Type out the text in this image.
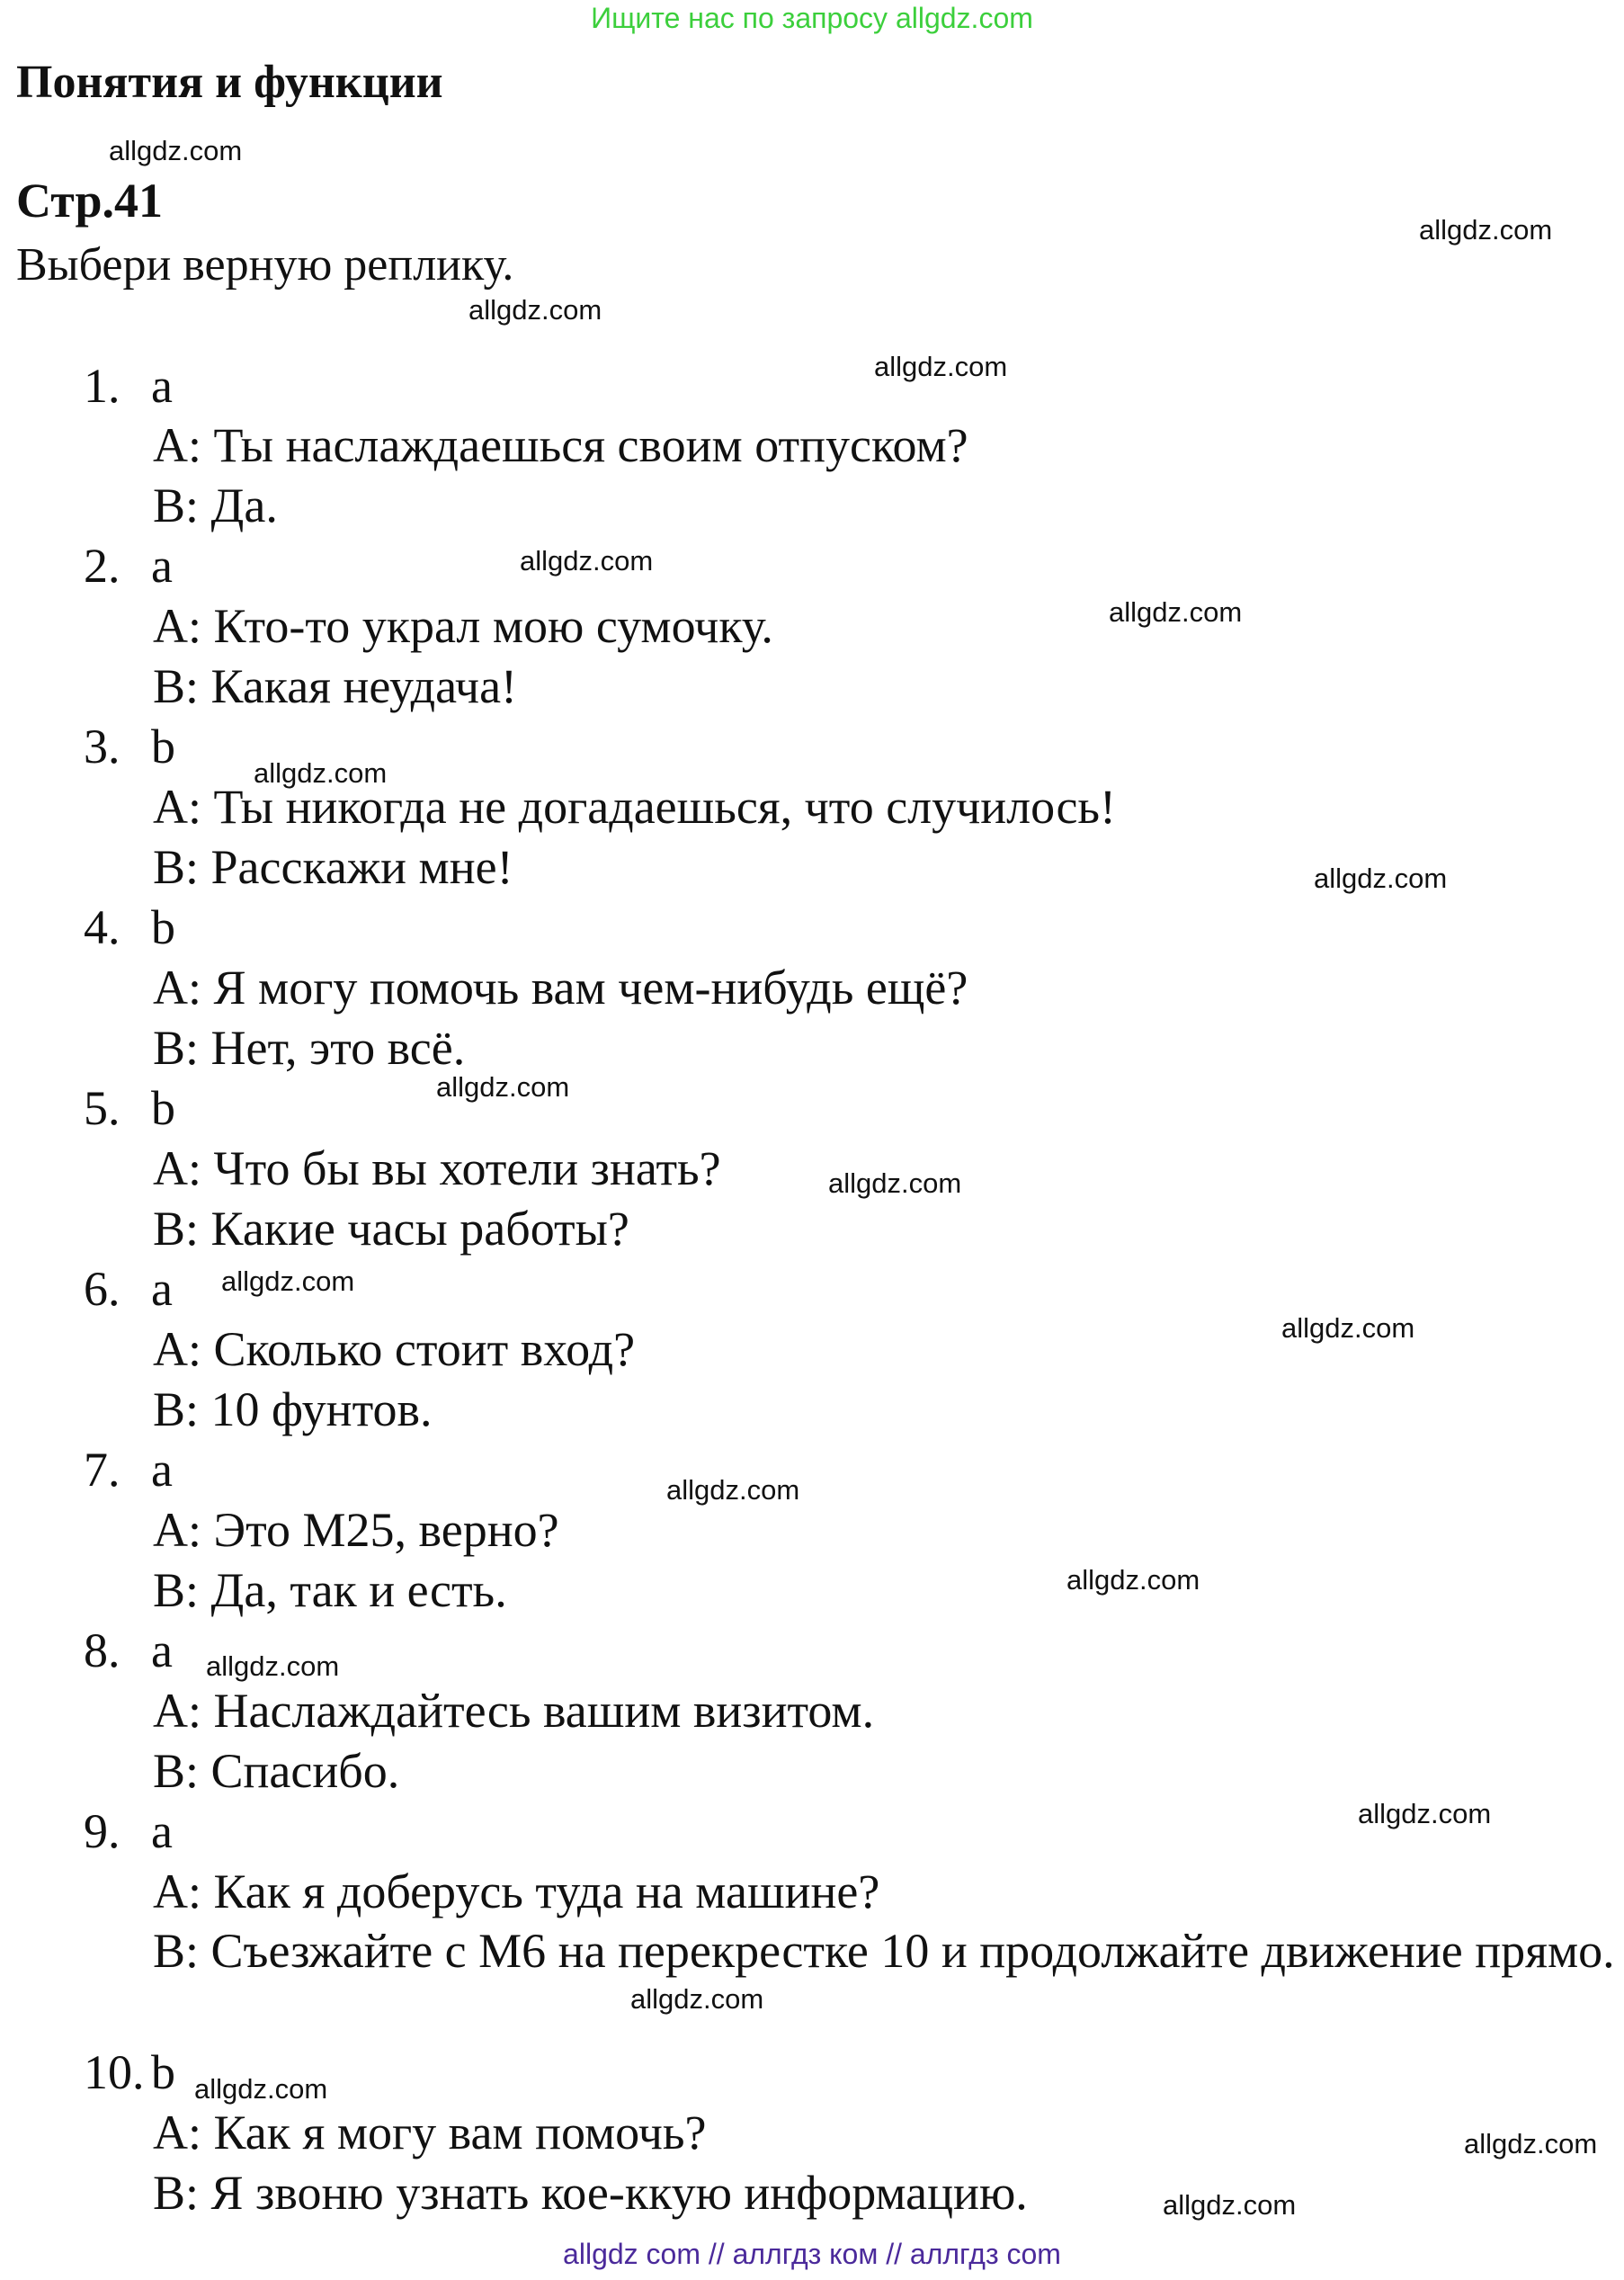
Ищите нас по запросу allgdz.com
Понятия и функции
allgdz.com
Стр.41
allgdz.com
Выбери верную реплику.
allgdz.com
1. a	allgdz.com
A: Ты наслаждаешься своим отпуском?
B: Да.
2. a	allgdz.com
allgdz.com
A: Кто-то украл мою сумочку.
B: Какая неудача!
3. b	allgdz.com
A: Ты никогда не догадаешься, что случилось!
B: Расскажи мне!	allgdz.com
4. b
A: Я могу помочь вам чем-нибудь ещё?
B: Нет, это всё.
allgdz.com
5. b
A: Что бы вы хотели знать?	allgdz.com
B: Какие часы работы?
6. a allgdz.com
allgdz.com
A: Сколько стоит вход?
B: 10 фунтов.
7. a	allgdz.com
A: Это M25, верно?
allgdz.com
B: Да, так и есть.
8. a allgdz.com
A: Наслаждайтесь вашим визитом.
B: Спасибо.
allgdz.com
9. a
A: Как я доберусь туда на машине?
B: Съезжайте с M6 на перекрестке 10 и продолжайте движение прямо.
allgdz.com
10. b allgdz.com
A: Как я могу вам помочь?	allgdz.com
B: Я звоню узнать кое-ккую информацию.	allgdz.com
allgdz com // аллгдз ком // аллгдз com
